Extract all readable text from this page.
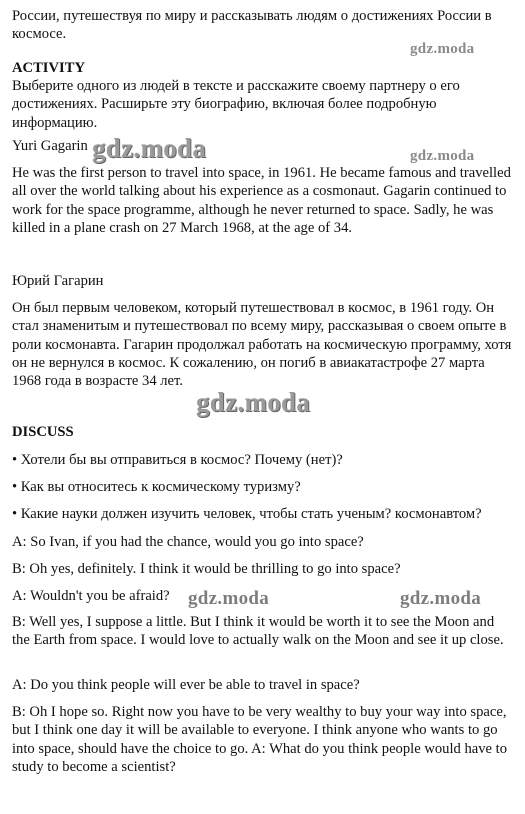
России, путешествуя по миру и рассказывать людям о достижениях России в космосе.

gdz.moda

ACTIVITY

Выберите одного из людей в тексте и расскажите своему партнеру о его достижениях. Расширьте эту биографию, включая более подробную информацию.

Yuri Gagarin gdz.moda	gdz.moda

He was the first person to travel into space, in 1961. He became famous and travelled all over the world talking about his experience as a cosmonaut. Gagarin continued to work for the space programme, although he never returned to space. Sadly, he was killed in a plane crash on 27 March 1968, at the age of 34.

Юрий Гагарин

Он был первым человеком, который путешествовал в космос, в 1961 году. Он стал знаменитым и путешествовал по всему миру, рассказывая о своем опыте в роли космонавта. Гагарин продолжал работать на космическую программу, хотя он не вернулся в космос. К сожалению, он погиб в авиакатастрофе 27 марта 1968 года в возрасте 34 лет.

gdz.moda

DISCUSS

• Хотели бы вы отправиться в космос? Почему (нет)?

• Как вы относитесь к космическому туризму?

• Какие науки должен изучить человек, чтобы стать ученым? космонавтом?

A: So Ivan, if you had the chance, would you go into space?

B: Oh yes, definitely. I think it would be thrilling to go into space?

A: Wouldn't you be afraid? gdz.moda	gdz.moda

B: Well yes, I suppose a little. But I think it would be worth it to see the Moon and the Earth from space. I would love to actually walk on the Moon and see it up close.

A: Do you think people will ever be able to travel in space?

B: Oh I hope so. Right now you have to be very wealthy to buy your way into space, but I think one day it will be available to everyone. I think anyone who wants to go into space, should have the choice to go. A: What do you think people would have to study to become a scientist?
